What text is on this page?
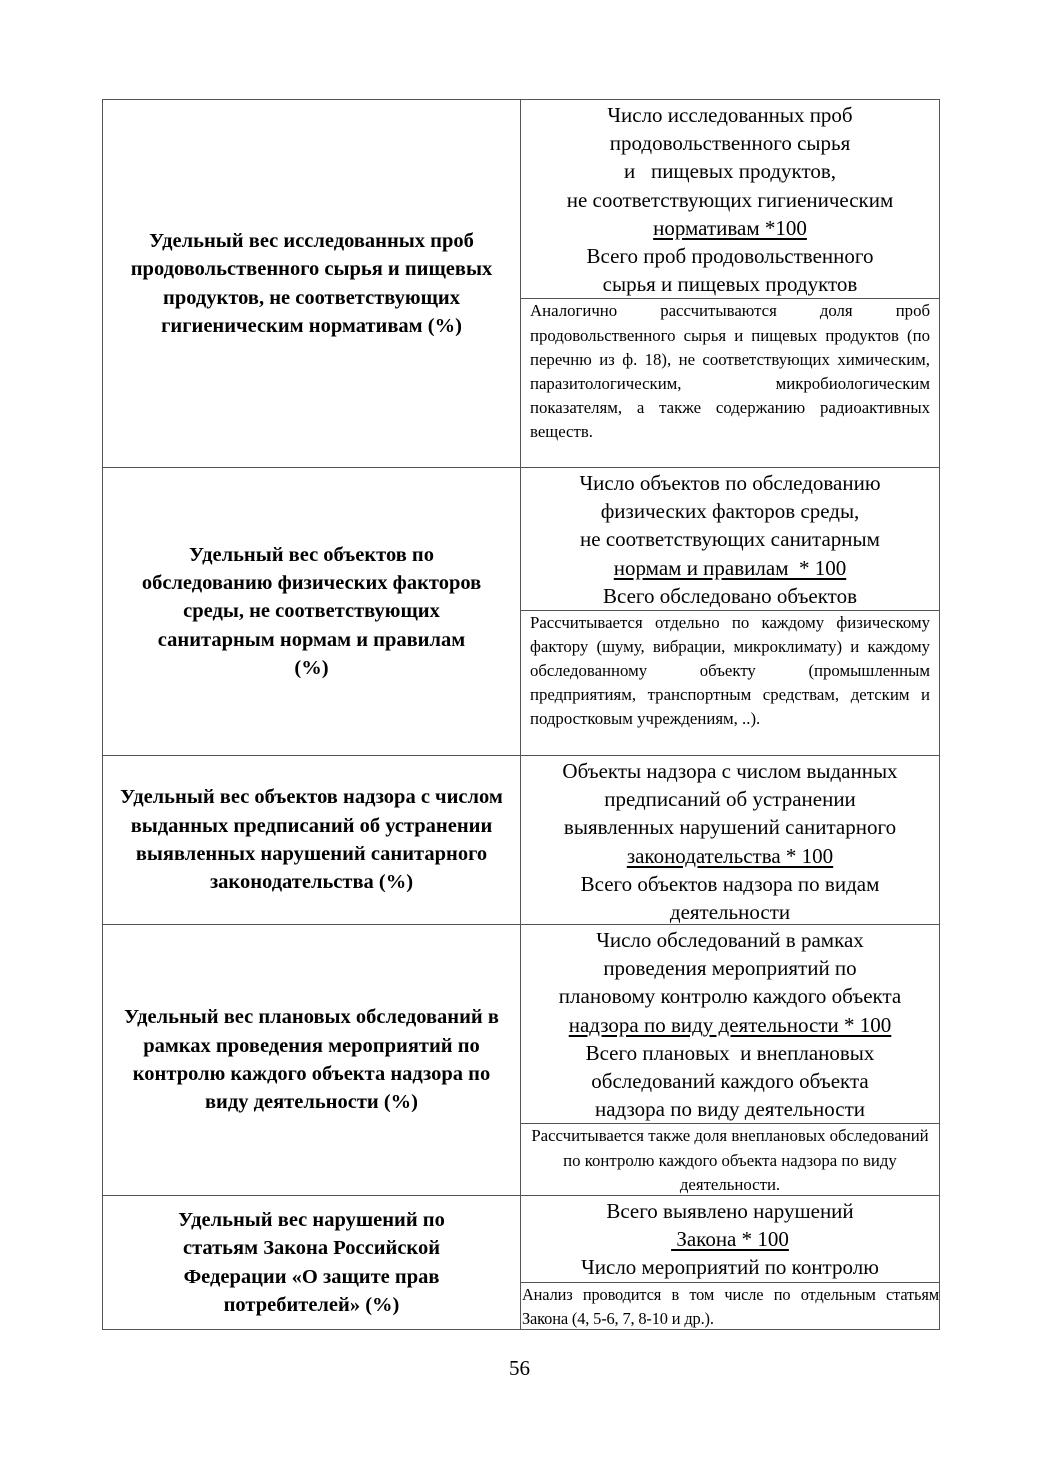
Удельный вес исследованных проб продовольственного сырья и пищевых продуктов, не соответствующих гигиеническим нормативам (%)
Число исследованных проб
продовольственного сырья
и   пищевых продуктов,
не соответствующих гигиеническим
нормативам *100
Всего проб продовольственного
сырья и пищевых продуктов
Аналогично рассчитываются доля проб продовольственного сырья и пищевых продуктов (по перечню из ф. 18), не соответствующих химическим, паразитологическим, микробиологическим показателям, а также содержанию радиоактивных веществ.
Удельный вес объектов по обследованию физических факторов среды, не соответствующих санитарным нормам и правилам (%)
Число объектов по обследованию
физических факторов среды,
не соответствующих санитарным
нормам и правилам  * 100
Всего обследовано объектов
Рассчитывается отдельно по каждому физическому фактору (шуму, вибрации, микроклимату) и каждому обследованному объекту (промышленным предприятиям, транспортным средствам, детским и подростковым учреждениям, ..).
Удельный вес объектов надзора с числом выданных предписаний об устранении выявленных нарушений санитарного законодательства (%)
Объекты надзора с числом выданных
предписаний об устранении
выявленных нарушений санитарного
законодательства * 100
Всего объектов надзора по видам
деятельности
Удельный вес плановых обследований в рамках проведения мероприятий по контролю каждого объекта надзора по виду деятельности (%)
Число обследований в рамках
проведения мероприятий по
плановому контролю каждого объекта
надзора по виду деятельности * 100
Всего плановых  и внеплановых
обследований каждого объекта
надзора по виду деятельности
Рассчитывается также доля внеплановых обследований по контролю каждого объекта надзора по виду деятельности.
Удельный вес нарушений по статьям Закона Российской Федерации «О защите прав потребителей» (%)
Всего выявлено нарушений
Закона * 100
Число мероприятий по контролю
Анализ проводится в том числе по отдельным статьям Закона (4, 5-6, 7, 8-10 и др.).
56
